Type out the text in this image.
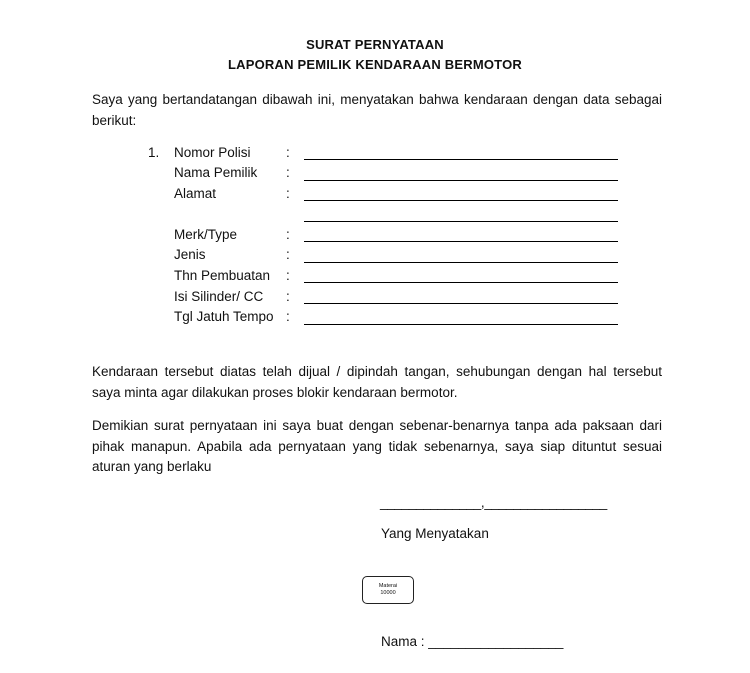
SURAT PERNYATAAN
LAPORAN PEMILIK KENDARAAN BERMOTOR
Saya yang bertandatangan dibawah ini, menyatakan bahwa kendaraan dengan data sebagai berikut:
1. Nomor Polisi	:
Nama Pemilik :
Alamat	:
Merk/Type	:
Jenis	:
Thn Pembuatan :
Isi Silinder/ CC :
Tgl Jatuh Tempo :
Kendaraan tersebut diatas telah dijual / dipindah tangan, sehubungan dengan hal tersebut saya minta agar dilakukan proses blokir kendaraan bermotor.
Demikian surat pernyataan ini saya buat dengan sebenar-benarnya tanpa ada paksaan dari pihak manapun. Apabila ada pernyataan yang tidak sebenarnya, saya siap dituntut sesuai aturan yang berlaku
______________,_________________
Yang Menyatakan
Materai
10000
Nama : __________________
